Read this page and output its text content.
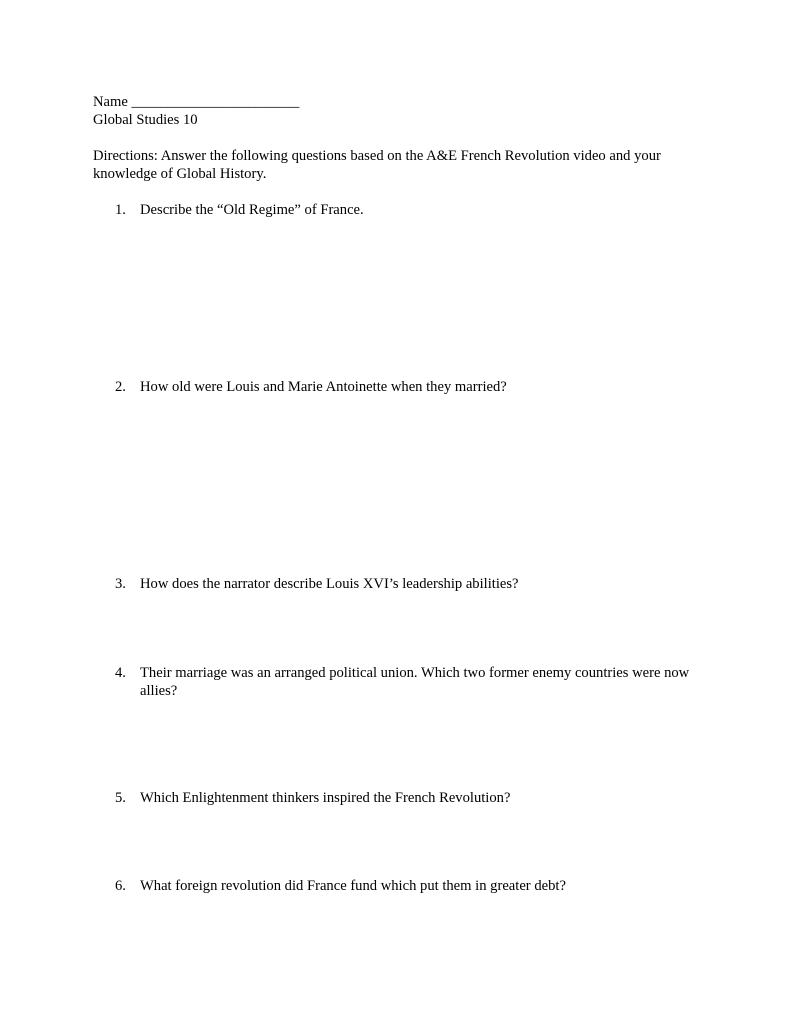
Name _______________________
Global Studies 10
Directions: Answer the following questions based on the A&E French Revolution video and your knowledge of Global History.
1. Describe the “Old Regime” of France.
2. How old were Louis and Marie Antoinette when they married?
3. How does the narrator describe Louis XVI’s leadership abilities?
4. Their marriage was an arranged political union. Which two former enemy countries were now allies?
5. Which Enlightenment thinkers inspired the French Revolution?
6. What foreign revolution did France fund which put them in greater debt?
